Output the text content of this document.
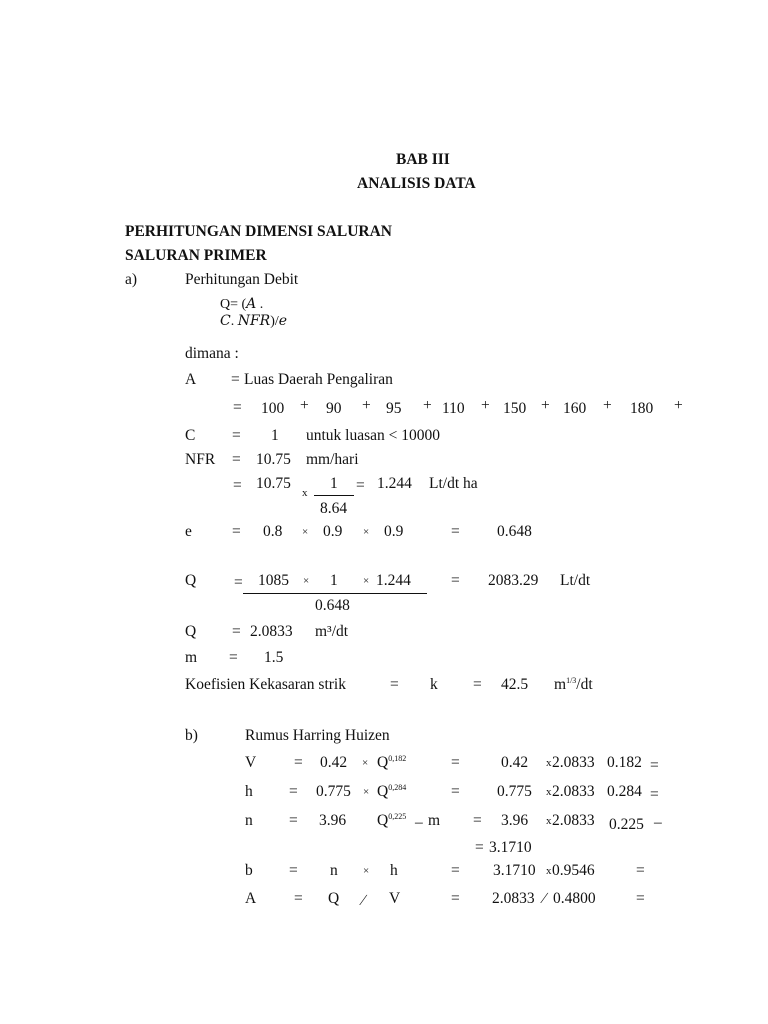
BAB III
ANALISIS DATA
PERHITUNGAN DIMENSI SALURAN
SALURAN PRIMER
a)	Perhitungan Debit
Q= (𝐴 .
𝐶. 𝑁𝐹𝑅)/𝑒
dimana :
A = Luas Daerah Pengaliran
= 100 + 90 + 95 + 110 + 150 + 160 + 180 +
C = 1 untuk luasan < 10000
NFR = 10.75 mm/hari
= 10.75
x
1
8.64
= 1.244 Lt/dt ha
e	= 0.8 × 0.9 × 0.9	= 0.648
Q = 1085 × 1 × 1.244
0.648
= 2083.29 Lt/dt
Q = 2.0833 m³/dt
m = 1.5
Koefisien Kekasaran strik	= k = 42.5 $m^{1/3}/dt$
b)	Rumus Harring Huizen
V = 0.42 × Q$^{0,182}$	=	0.42 x 2.0833 0.182 =
h = 0.775 × Q$^{0,284}$	= 0.775 x 2.0833 0.284 =
n = 3.96 Q$^{0,225}$ – m = 3.96 x 2.0833 0.225 –
= 3.1710
b = n × h	= 3.1710 x 0.9546	=
A = Q ∕ V	= 2.0833 ∕ 0.4800	=
